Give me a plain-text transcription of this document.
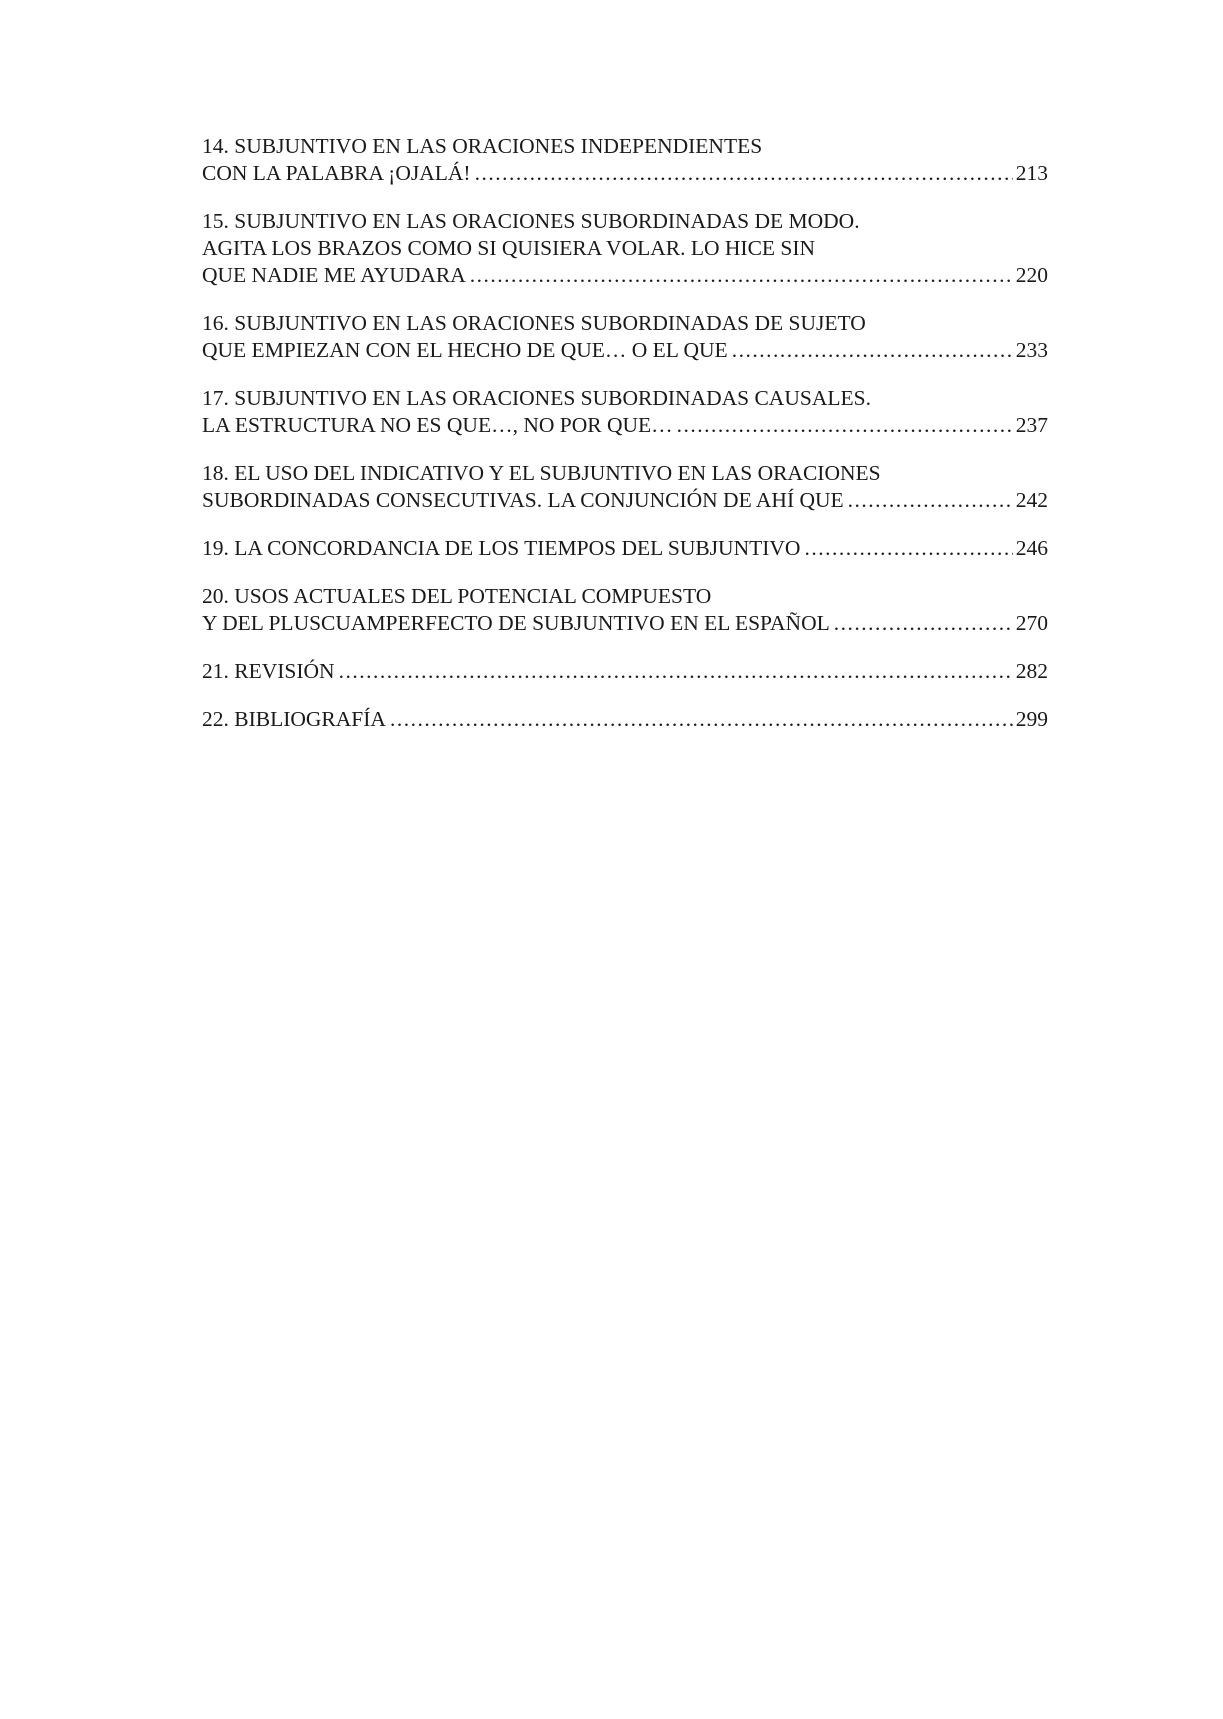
14. SUBJUNTIVO EN LAS ORACIONES INDEPENDIENTES
CON LA PALABRA ¡OJALÁ! .....	213
15. SUBJUNTIVO EN LAS ORACIONES SUBORDINADAS DE MODO.
AGITA LOS BRAZOS COMO SI QUISIERA VOLAR. LO HICE SIN
QUE NADIE ME AYUDARA .....	220
16. SUBJUNTIVO EN LAS ORACIONES SUBORDINADAS DE SUJETO
QUE EMPIEZAN CON EL HECHO DE QUE… O EL QUE .....	233
17. SUBJUNTIVO EN LAS ORACIONES SUBORDINADAS CAUSALES.
LA ESTRUCTURA NO ES QUE…, NO POR QUE… .....	237
18. EL USO DEL INDICATIVO Y EL SUBJUNTIVO EN LAS ORACIONES
SUBORDINADAS CONSECUTIVAS. LA CONJUNCIÓN DE AHÍ QUE .....	242
19. LA CONCORDANCIA DE LOS TIEMPOS DEL SUBJUNTIVO .....	246
20. USOS ACTUALES DEL POTENCIAL COMPUESTO
Y DEL PLUSCUAMPERFECTO DE SUBJUNTIVO EN EL ESPAÑOL .....	270
21. REVISIÓN .....	282
22. BIBLIOGRAFÍA .....	299
